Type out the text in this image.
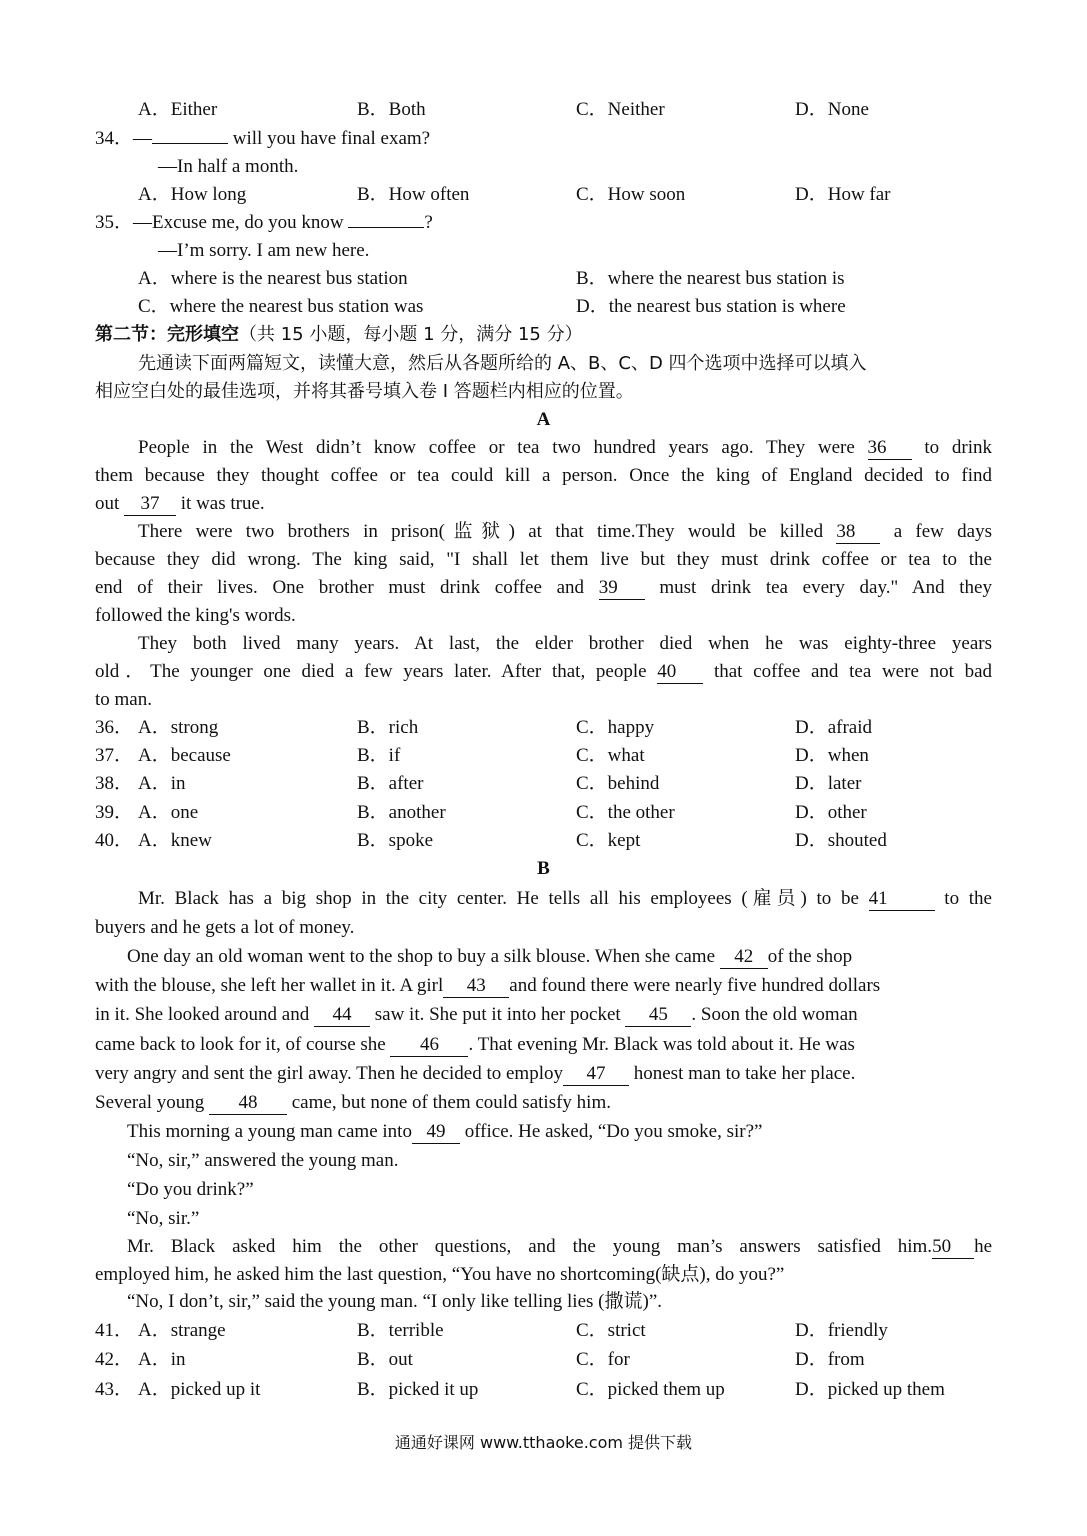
A．Either	B．Both	C．Neither	D．None
34．—	will you have final exam?
—In half a month.
A．How long	B．How often	C．How soon	D．How far
35．—Excuse me, do you know	?
—I’m sorry. I am new here.
A．where is the nearest bus station	B．where the nearest bus station is
C．where the nearest bus station was	D．the nearest bus station is where
第二节：完形填空（共 15 小题，每小题 1 分，满分 15 分）
先通读下面两篇短文，读懂大意，然后从各题所给的 A、B、C、D 四个选项中选择可以填入
相应空白处的最佳选项，并将其番号填入卷 I 答题栏内相应的位置。
A
People in the West didn’t know coffee or tea two hundred years ago. They were 36 to drink
them because they thought coffee or tea could kill a person. Once the king of England decided to find
out 37 it was true.
There were two brothers in prison(监狱) at that time.They would be killed 38 a few days
because they did wrong. The king said, "I shall let them live but they must drink coffee or tea to the
end of their lives. One brother must drink coffee and 39 must drink tea every day." And they
followed the king's words.
They both lived many years. At last, the elder brother died when he was eighty-three years
old．The younger one died a few years later. After that, people 40 that coffee and tea were not bad
to man.
36． A．strong	B．rich	C．happy	D．afraid
37． A．because	B．if	C．what	D．when
38． A．in	B．after	C．behind	D．later
39． A．one	B．another	C．the other	D．other
40． A．knew	B．spoke	C．kept	D．shouted
B
Mr. Black has a big shop in the city center. He tells all his employees (雇员) to be 41 to the
buyers and he gets a lot of money.
One day an old woman went to the shop to buy a silk blouse. When she came 42 of the shop
with the blouse, she left her wallet in it. A girl 43 and found there were nearly five hundred dollars
in it. She looked around and 44 saw it. She put it into her pocket 45 . Soon the old woman
came back to look for it, of course she 46 . That evening Mr. Black was told about it. He was
very angry and sent the girl away. Then he decided to employ 47 honest man to take her place.
Several young 48 came, but none of them could satisfy him.
This morning a young man came into 49 office. He asked, “Do you smoke, sir?”
“No, sir,” answered the young man.
“Do you drink?”
“No, sir.”
Mr. Black asked him the other questions, and the young man’s answers satisfied him.50 he
employed him, he asked him the last question, “You have no shortcoming(缺点), do you?”
“No, I don’t, sir,” said the young man. “I only like telling lies (撒谎)”.
41． A．strange	B．terrible	C．strict	D．friendly
42． A．in	B．out	C．for	D．from
43． A．picked up it	B．picked it up	C．picked them up	D．picked up them
通通好课网 www.tthaoke.com 提供下载
